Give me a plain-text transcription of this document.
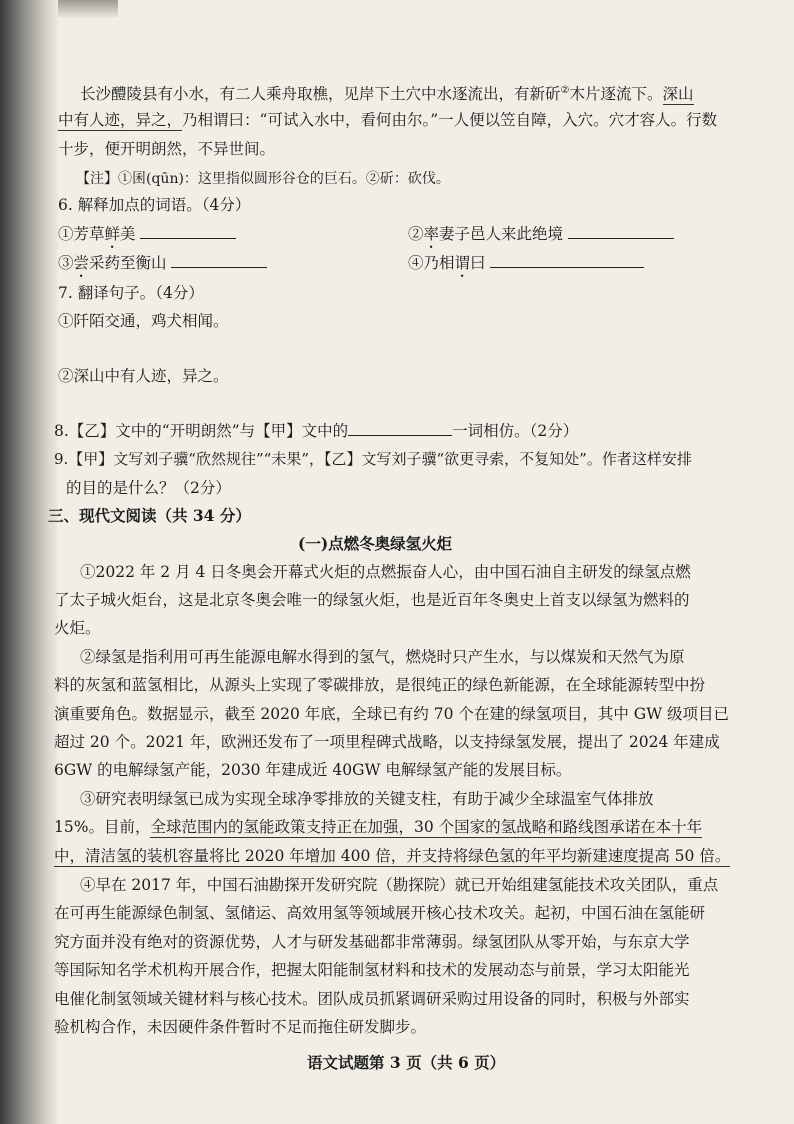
长沙醴陵县有小水，有二人乘舟取樵，见岸下土穴中水逐流出，有新斫②木片逐流下。深山
中有人迹，异之，乃相谓曰：“可试入水中，看何由尔。”一人便以笠自障，入穴。穴才容人。行数
十步，便开明朗然，不异世间。
【注】①囷(qūn)：这里指似圆形谷仓的巨石。②斫：砍伐。
6. 解释加点的词语。（4分）
①芳草鲜美	②率妻子邑人来此绝境
③尝采药至衡山	④乃相谓曰
7. 翻译句子。（4分）
①阡陌交通，鸡犬相闻。
②深山中有人迹，异之。
8.【乙】文中的“开明朗然”与【甲】文中的	一词相仿。（2分）
9.【甲】文写刘子骥“欣然规往”“未果”，【乙】文写刘子骥“欲更寻索，不复知处”。作者这样安排
的目的是什么？（2分）
三、现代文阅读（共 34 分）
(一)点燃冬奥绿氢火炬
①2022 年 2 月 4 日冬奥会开幕式火炬的点燃振奋人心，由中国石油自主研发的绿氢点燃
了太子城火炬台，这是北京冬奥会唯一的绿氢火炬，也是近百年冬奥史上首支以绿氢为燃料的
火炬。
②绿氢是指利用可再生能源电解水得到的氢气，燃烧时只产生水，与以煤炭和天然气为原
料的灰氢和蓝氢相比，从源头上实现了零碳排放，是很纯正的绿色新能源，在全球能源转型中扮
演重要角色。数据显示，截至 2020 年底，全球已有约 70 个在建的绿氢项目，其中 GW 级项目已
超过 20 个。2021 年，欧洲还发布了一项里程碑式战略，以支持绿氢发展，提出了 2024 年建成
6GW 的电解绿氢产能，2030 年建成近 40GW 电解绿氢产能的发展目标。
③研究表明绿氢已成为实现全球净零排放的关键支柱，有助于减少全球温室气体排放
15%。目前，全球范围内的氢能政策支持正在加强，30 个国家的氢战略和路线图承诺在本十年
中，清洁氢的装机容量将比 2020 年增加 400 倍，并支持将绿色氢的年平均新建速度提高 50 倍。
④早在 2017 年，中国石油勘探开发研究院（勘探院）就已开始组建氢能技术攻关团队，重点
在可再生能源绿色制氢、氢储运、高效用氢等领域展开核心技术攻关。起初，中国石油在氢能研
究方面并没有绝对的资源优势，人才与研发基础都非常薄弱。绿氢团队从零开始，与东京大学
等国际知名学术机构开展合作，把握太阳能制氢材料和技术的发展动态与前景，学习太阳能光
电催化制氢领域关键材料与核心技术。团队成员抓紧调研采购过用设备的同时，积极与外部实
验机构合作，未因硬件条件暂时不足而拖住研发脚步。
语文试题第 3 页（共 6 页）
